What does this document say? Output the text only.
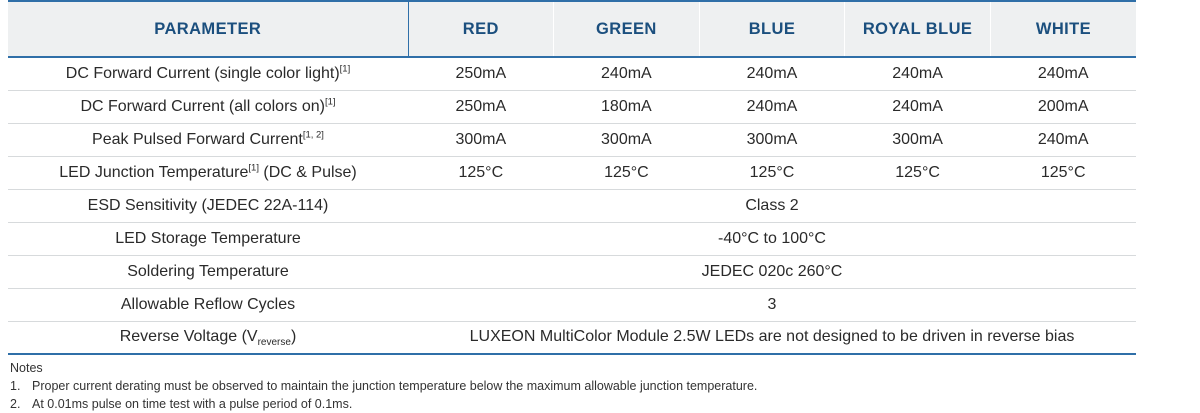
PARAMETER	RED	GREEN	BLUE	ROYAL BLUE	WHITE
DC Forward Current (single color light)[1]	250mA	240mA	240mA	240mA	240mA
DC Forward Current (all colors on)[1]	250mA	180mA	240mA	240mA	200mA
Peak Pulsed Forward Current[1, 2]	300mA	300mA	300mA	300mA	240mA
LED Junction Temperature[1] (DC & Pulse)	125°C	125°C	125°C	125°C	125°C
ESD Sensitivity (JEDEC 22A-114)	Class 2				
LED Storage Temperature	-40°C to 100°C				
Soldering Temperature	JEDEC 020c 260°C				
Allowable Reflow Cycles	3				
Reverse Voltage $(V_{reverse})$	LUXEON MultiColor Module 2.5W LEDs are not designed to be driven in reverse bias				
Notes
1. Proper current derating must be observed to maintain the junction temperature below the maximum allowable junction temperature.
2. At 0.01ms pulse on time test with a pulse period of 0.1ms.
